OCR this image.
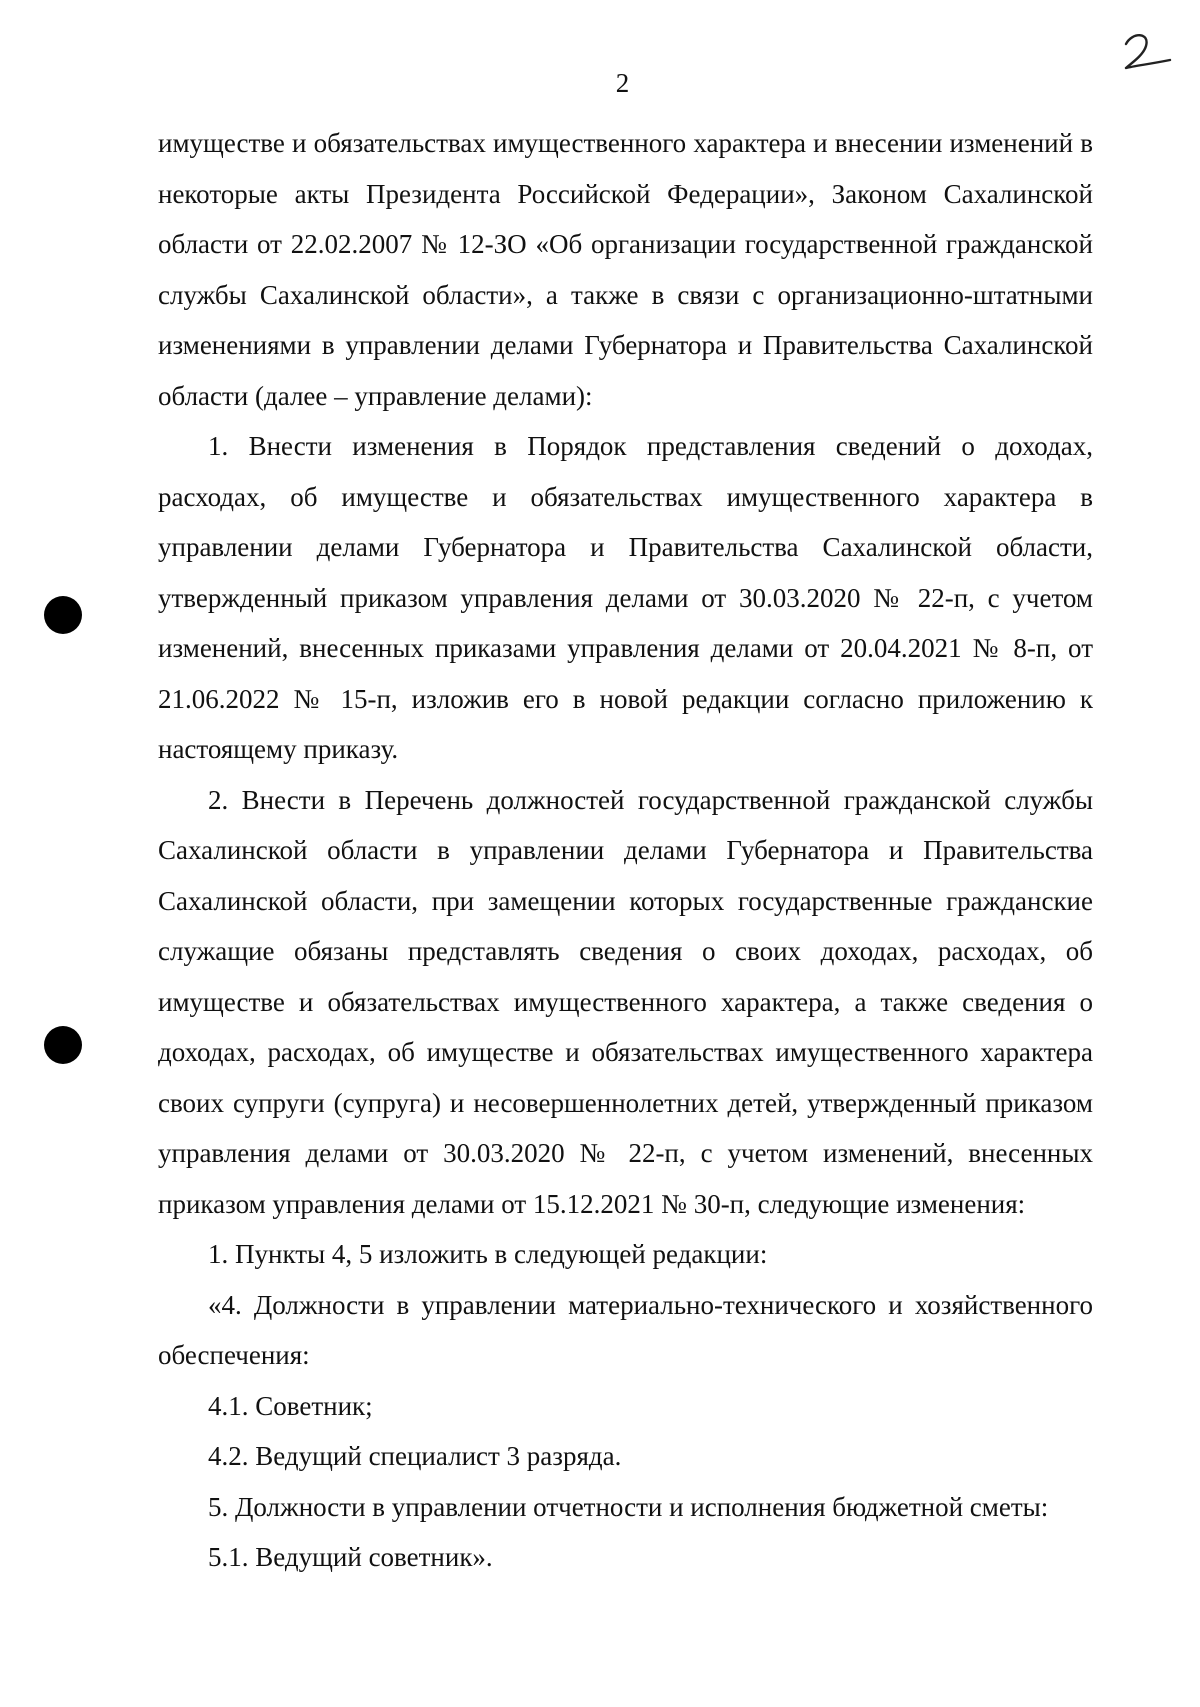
2

имуществе и обязательствах имущественного характера и внесении изменений в некоторые акты Президента Российской Федерации», Законом Сахалинской области от 22.02.2007 № 12-ЗО «Об организации государственной гражданской службы Сахалинской области», а также в связи с организационно-штатными изменениями в управлении делами Губернатора и Правительства Сахалинской области (далее – управление делами):

1. Внести изменения в Порядок представления сведений о доходах, расходах, об имуществе и обязательствах имущественного характера в управлении делами Губернатора и Правительства Сахалинской области, утвержденный приказом управления делами от 30.03.2020 № 22-п, с учетом изменений, внесенных приказами управления делами от 20.04.2021 № 8-п, от 21.06.2022 № 15-п, изложив его в новой редакции согласно приложению к настоящему приказу.

2. Внести в Перечень должностей государственной гражданской службы Сахалинской области в управлении делами Губернатора и Правительства Сахалинской области, при замещении которых государственные гражданские служащие обязаны представлять сведения о своих доходах, расходах, об имуществе и обязательствах имущественного характера, а также сведения о доходах, расходах, об имуществе и обязательствах имущественного характера своих супруги (супруга) и несовершеннолетних детей, утвержденный приказом управления делами от 30.03.2020 № 22-п, с учетом изменений, внесенных приказом управления делами от 15.12.2021 № 30-п, следующие изменения:

1. Пункты 4, 5 изложить в следующей редакции:

«4. Должности в управлении материально-технического и хозяйственного обеспечения:

4.1. Советник;

4.2. Ведущий специалист 3 разряда.

5. Должности в управлении отчетности и исполнения бюджетной сметы:

5.1. Ведущий советник».
